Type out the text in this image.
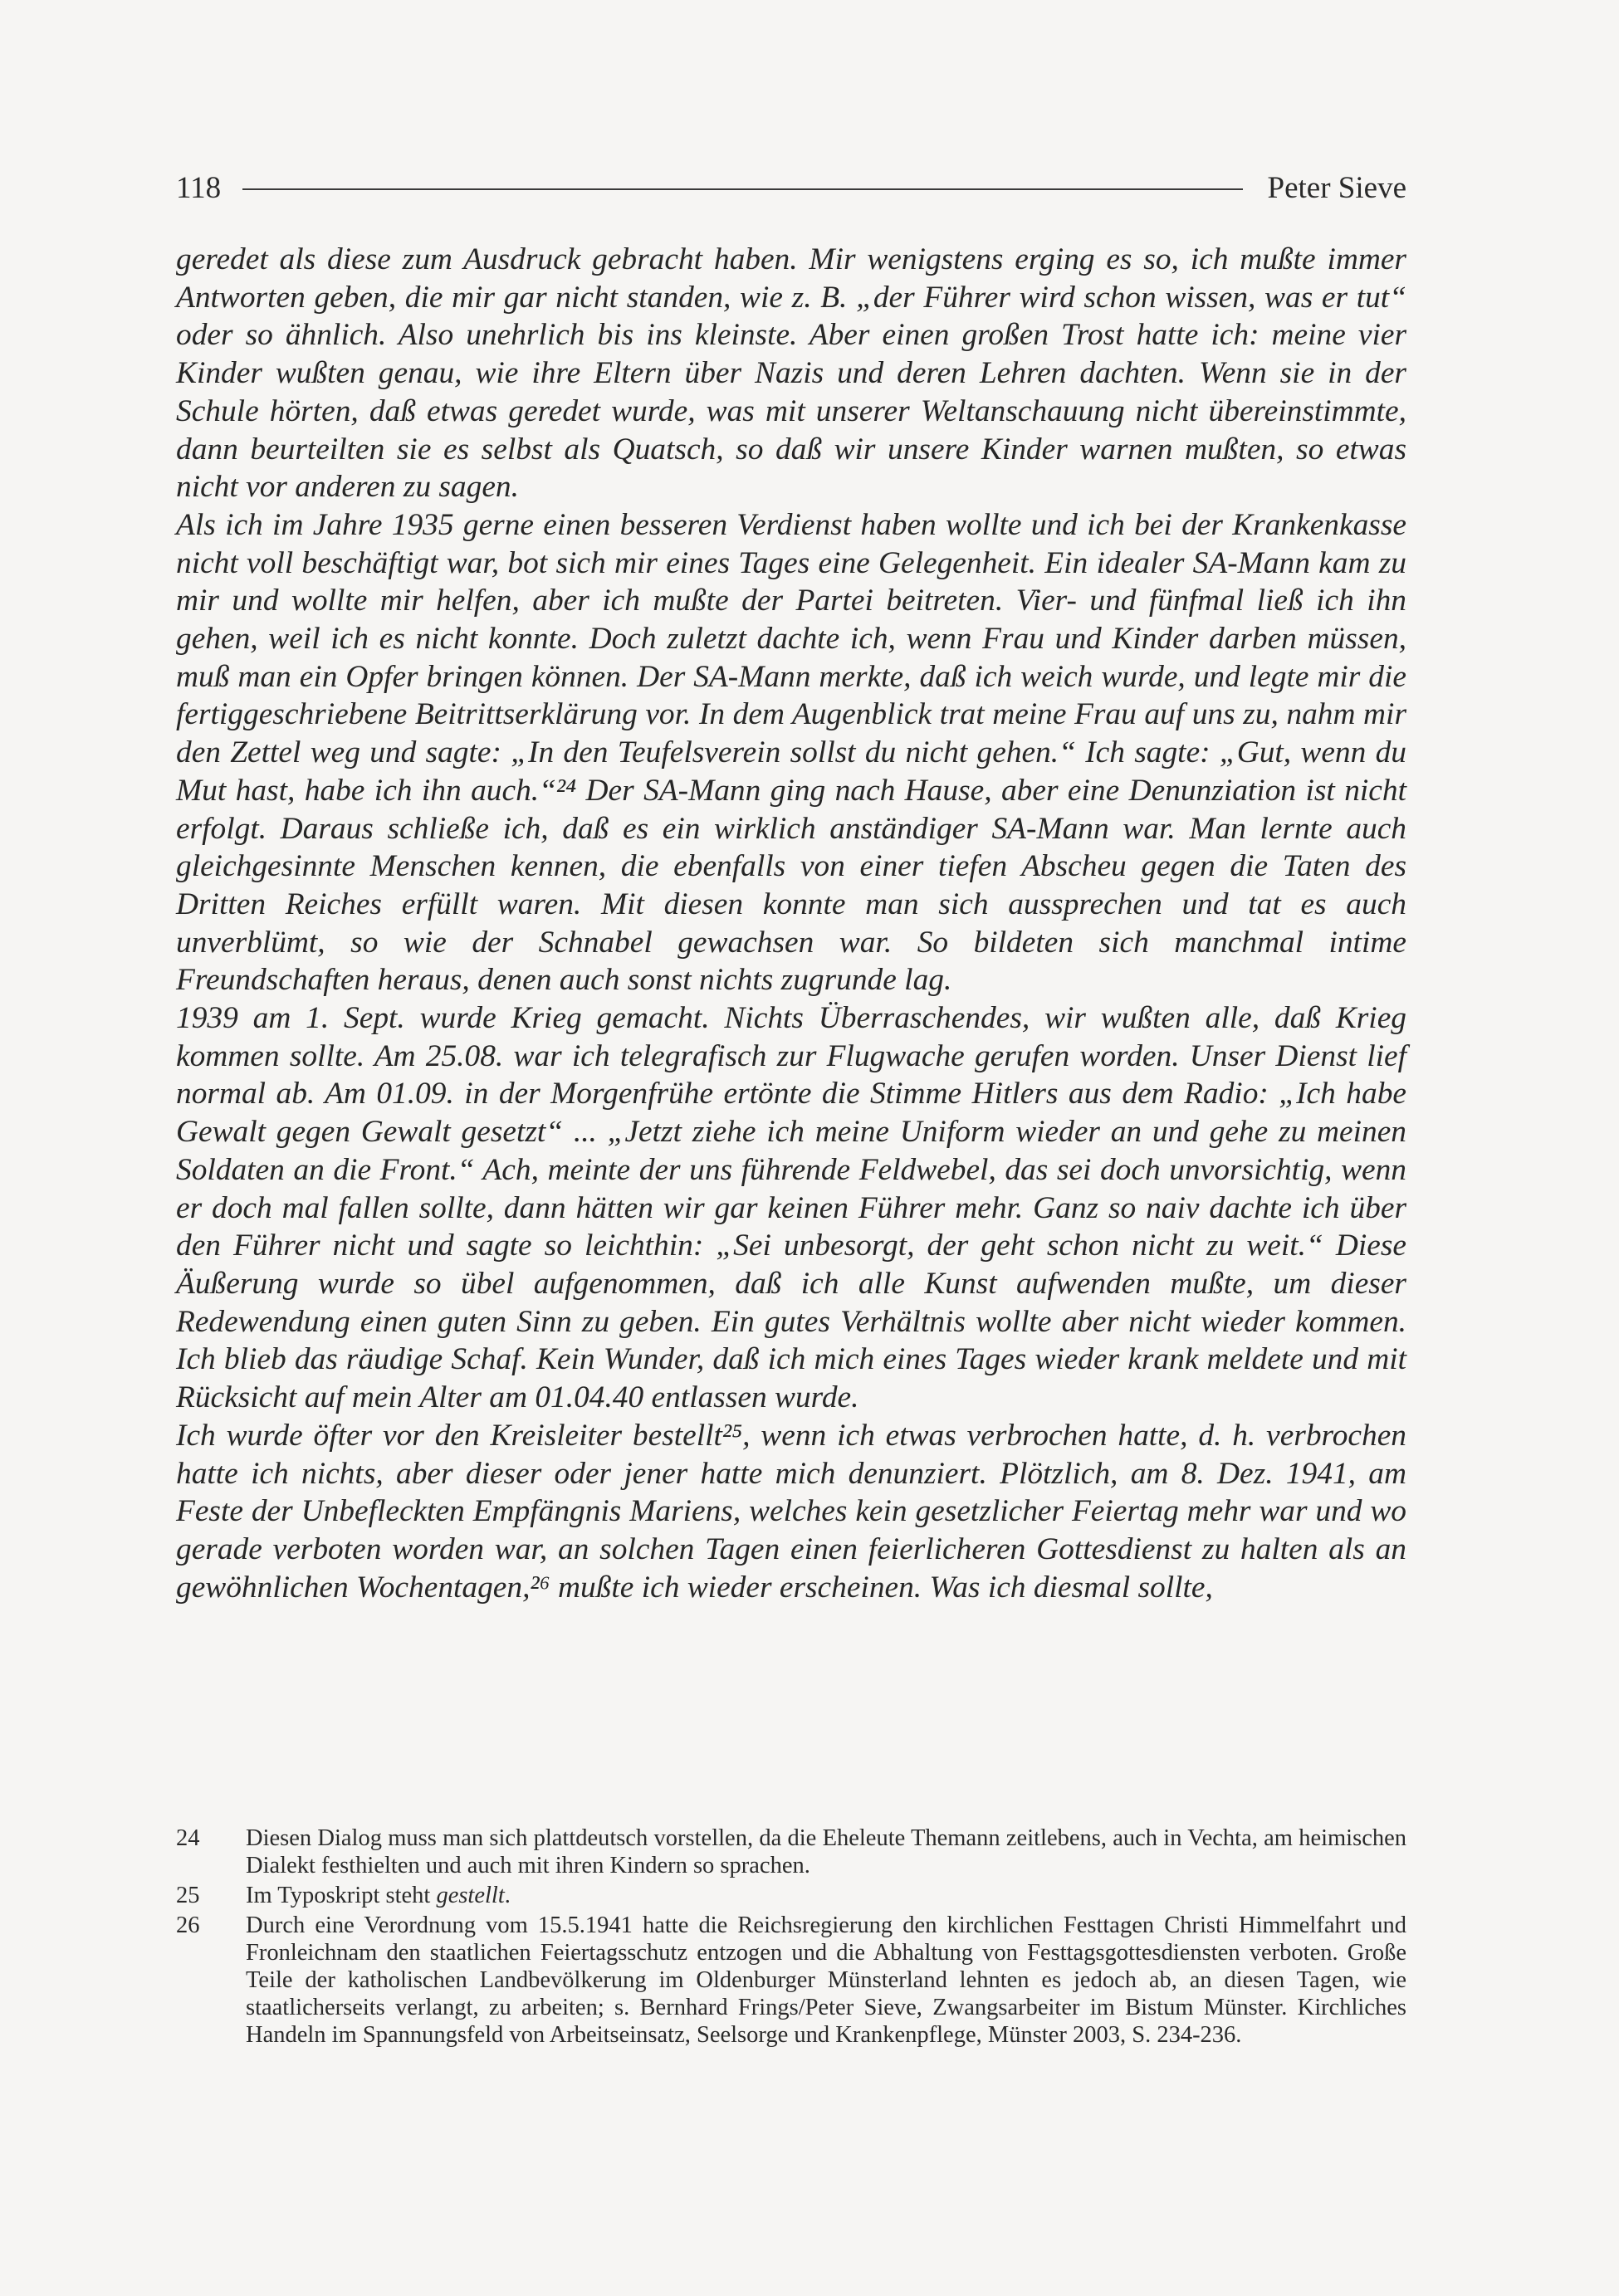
118	Peter Sieve

geredet als diese zum Ausdruck gebracht haben. Mir wenigstens erging es so, ich mußte immer Antworten geben, die mir gar nicht standen, wie z. B. „der Führer wird schon wissen, was er tut“ oder so ähnlich. Also unehrlich bis ins kleinste. Aber einen großen Trost hatte ich: meine vier Kinder wußten genau, wie ihre Eltern über Nazis und deren Lehren dachten. Wenn sie in der Schule hörten, daß etwas geredet wurde, was mit unserer Weltanschauung nicht übereinstimmte, dann beurteilten sie es selbst als Quatsch, so daß wir unsere Kinder warnen mußten, so etwas nicht vor anderen zu sagen.

Als ich im Jahre 1935 gerne einen besseren Verdienst haben wollte und ich bei der Krankenkasse nicht voll beschäftigt war, bot sich mir eines Tages eine Gelegenheit. Ein idealer SA-Mann kam zu mir und wollte mir helfen, aber ich mußte der Partei beitreten. Vier- und fünfmal ließ ich ihn gehen, weil ich es nicht konnte. Doch zuletzt dachte ich, wenn Frau und Kinder darben müssen, muß man ein Opfer bringen können. Der SA-Mann merkte, daß ich weich wurde, und legte mir die fertiggeschriebene Beitrittserklärung vor. In dem Augenblick trat meine Frau auf uns zu, nahm mir den Zettel weg und sagte: „In den Teufelsverein sollst du nicht gehen.“ Ich sagte: „Gut, wenn du Mut hast, habe ich ihn auch.“²⁴ Der SA-Mann ging nach Hause, aber eine Denunziation ist nicht erfolgt. Daraus schließe ich, daß es ein wirklich anständiger SA-Mann war. Man lernte auch gleichgesinnte Menschen kennen, die ebenfalls von einer tiefen Abscheu gegen die Taten des Dritten Reiches erfüllt waren. Mit diesen konnte man sich aussprechen und tat es auch unverblümt, so wie der Schnabel gewachsen war. So bildeten sich manchmal intime Freundschaften heraus, denen auch sonst nichts zugrunde lag.

1939 am 1. Sept. wurde Krieg gemacht. Nichts Überraschendes, wir wußten alle, daß Krieg kommen sollte. Am 25.08. war ich telegrafisch zur Flugwache gerufen worden. Unser Dienst lief normal ab. Am 01.09. in der Morgenfrühe ertönte die Stimme Hitlers aus dem Radio: „Ich habe Gewalt gegen Gewalt gesetzt“ ... „Jetzt ziehe ich meine Uniform wieder an und gehe zu meinen Soldaten an die Front.“ Ach, meinte der uns führende Feldwebel, das sei doch unvorsichtig, wenn er doch mal fallen sollte, dann hätten wir gar keinen Führer mehr. Ganz so naiv dachte ich über den Führer nicht und sagte so leichthin: „Sei unbesorgt, der geht schon nicht zu weit.“ Diese Äußerung wurde so übel aufgenommen, daß ich alle Kunst aufwenden mußte, um dieser Redewendung einen guten Sinn zu geben. Ein gutes Verhältnis wollte aber nicht wieder kommen. Ich blieb das räudige Schaf. Kein Wunder, daß ich mich eines Tages wieder krank meldete und mit Rücksicht auf mein Alter am 01.04.40 entlassen wurde.

Ich wurde öfter vor den Kreisleiter bestellt²⁵, wenn ich etwas verbrochen hatte, d. h. verbrochen hatte ich nichts, aber dieser oder jener hatte mich denunziert. Plötzlich, am 8. Dez. 1941, am Feste der Unbefleckten Empfängnis Mariens, welches kein gesetzlicher Feiertag mehr war und wo gerade verboten worden war, an solchen Tagen einen feierlicheren Gottesdienst zu halten als an gewöhnlichen Wochentagen,²⁶ mußte ich wieder erscheinen. Was ich diesmal sollte,

24	Diesen Dialog muss man sich plattdeutsch vorstellen, da die Eheleute Themann zeitlebens, auch in Vechta, am heimischen Dialekt festhielten und auch mit ihren Kindern so sprachen.
25	Im Typoskript steht gestellt.
26	Durch eine Verordnung vom 15.5.1941 hatte die Reichsregierung den kirchlichen Festtagen Christi Himmelfahrt und Fronleichnam den staatlichen Feiertagsschutz entzogen und die Abhaltung von Festtagsgottesdiensten verboten. Große Teile der katholischen Landbevölkerung im Oldenburger Münsterland lehnten es jedoch ab, an diesen Tagen, wie staatlicherseits verlangt, zu arbeiten; s. Bernhard Frings/Peter Sieve, Zwangsarbeiter im Bistum Münster. Kirchliches Handeln im Spannungsfeld von Arbeitseinsatz, Seelsorge und Krankenpflege, Münster 2003, S. 234-236.
